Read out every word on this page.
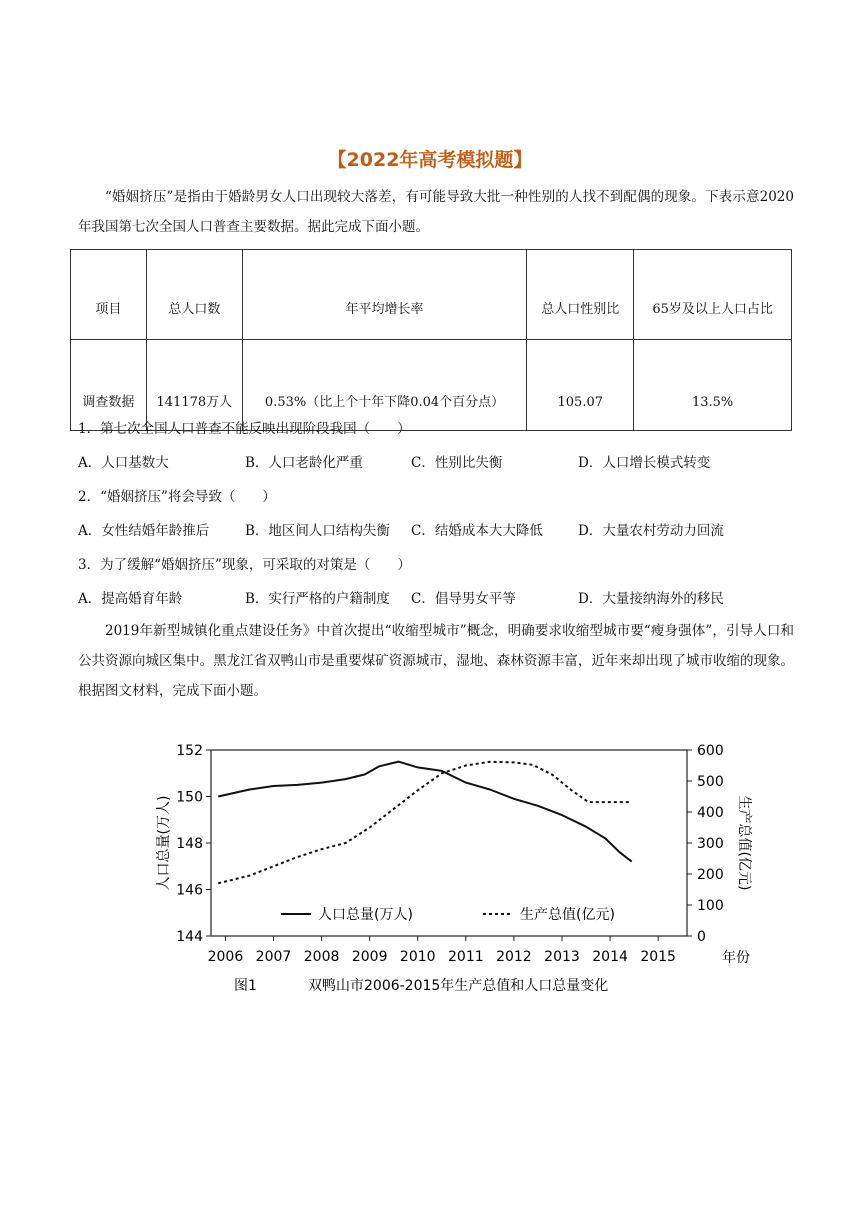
【2022年高考模拟题】

“婚姻挤压”是指由于婚龄男女人口出现较大落差，有可能导致大批一种性别的人找不到配偶的现象。下表示意2020年我国第七次全国人口普查主要数据。据此完成下面小题。

项目	总人口数	年平均增长率	总人口性别比	65岁及以上人口占比
调查数据	141178万人	0.53%（比上个十年下降0.04个百分点）	105.07	13.5%
1．第七次全国人口普查不能反映出现阶段我国（　　）
A．人口基数大	B．人口老龄化严重	C．性别比失衡	D．人口增长模式转变
2．“婚姻挤压”将会导致（　　）
A．女性结婚年龄推后	B．地区间人口结构失衡 C．结婚成本大大降低	D．大量农村劳动力回流
3．为了缓解“婚姻挤压”现象，可采取的对策是（　　）
A．提高婚育年龄	B．实行严格的户籍制度 C．倡导男女平等	D．大量接纳海外的移民

2019年新型城镇化重点建设任务》中首次提出“收缩型城市”概念，明确要求收缩型城市要“瘦身强体”，引导人口和公共资源向城区集中。黑龙江省双鸭山市是重要煤矿资源城市，湿地、森林资源丰富，近年来却出现了城市收缩的现象。根据图文材料，完成下面小题。

144
146
148
150
152
0
100
200
300
400
500
600
2006 2007 2008 2009 2010 2011 2012 2013 2014 2015
人口总量(万人)	生产总值(亿元)
年份
人口总量(万人)	生产总值(亿元)
图1	双鸭山市2006-2015年生产总值和人口总量变化
